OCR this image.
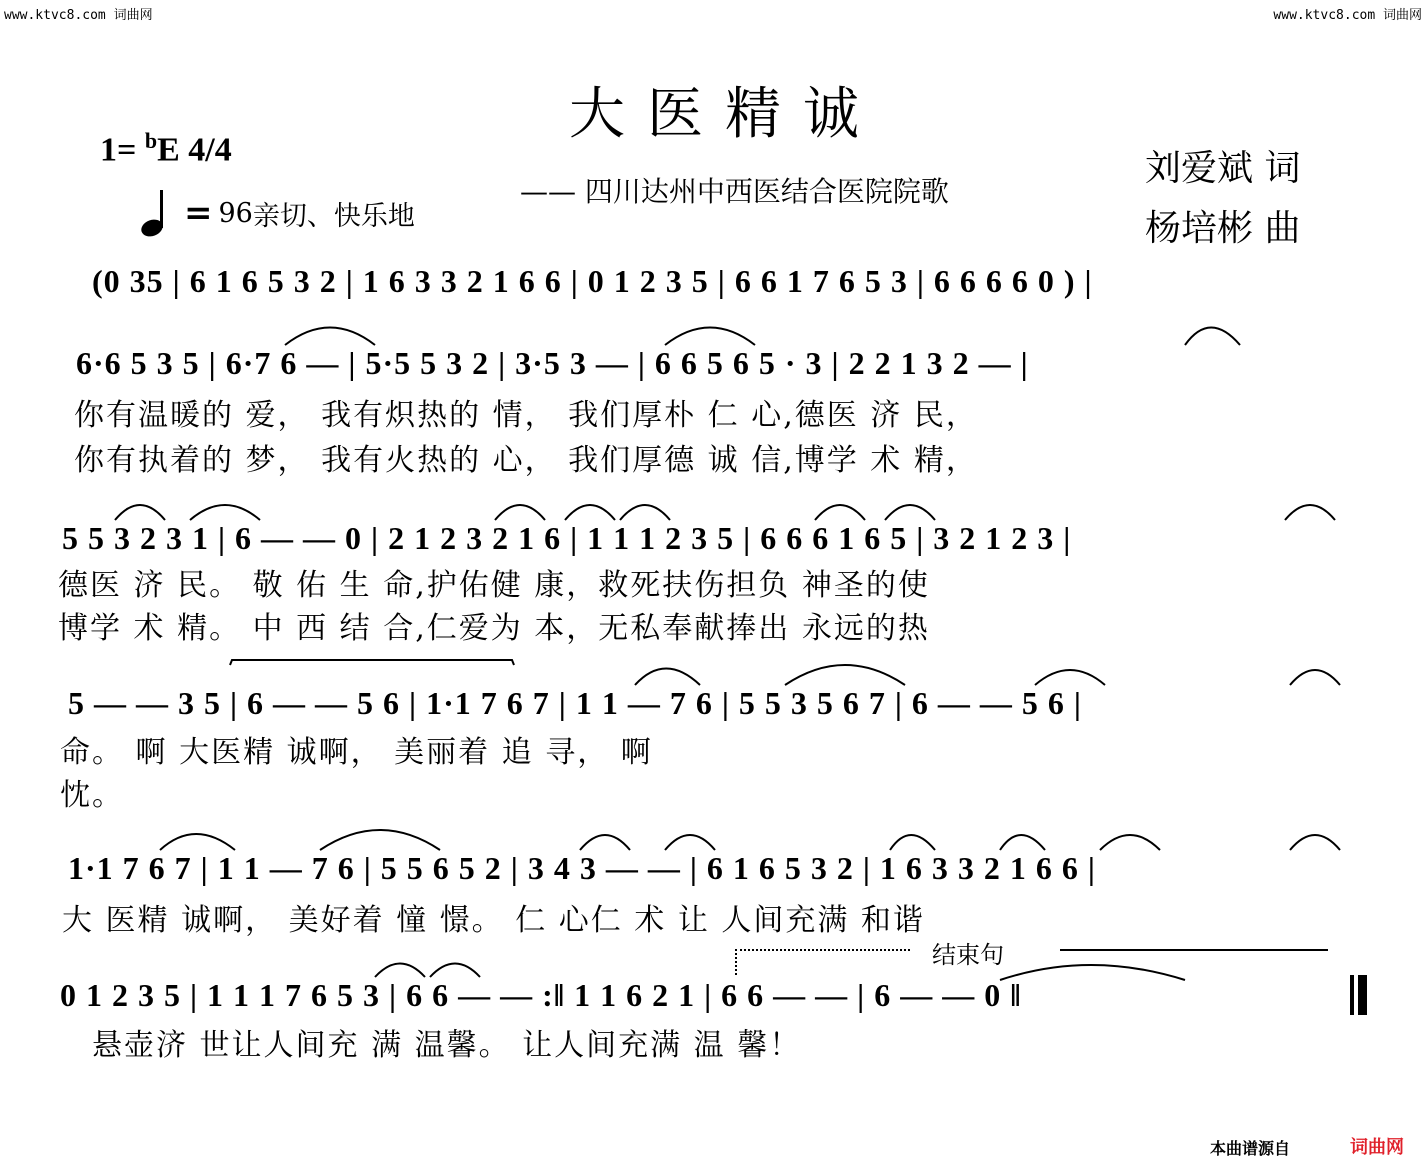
www.ktvc8.com 词曲网	www.ktvc8.com 词曲网
大医精诚
—— 四川达州中西医结合医院院歌
1= $^b$E 4/4
= 96 亲切、快乐地
刘爱斌 词
杨培彬 曲
(0 35 | 6 1 6 5 3 2 | 1 6 3 3 2 1 6 6 | 0 1 2 3 5 | 6 6 1 7 6 5 3 | 6 6 6 6 0 ) |
6·6 5 3 5 | 6·7 6 — | 5·5 5 3 2 | 3·5 3 — | 6 6 5 6 5 · 3 | 2 2 1 3 2 — |
你有温暖的 爱， 我有炽热的 情， 我们厚朴 仁 心,德医 济 民，
你有执着的 梦， 我有火热的 心， 我们厚德 诚 信,博学 术 精，
5 5 3 2 3 1 | 6 — — 0 | 2 1 2 3 2 1 6 | 1 1 1 2 3 5 | 6 6 6 1 6 5 | 3 2 1 2 3 |
德医 济 民。 敬 佑 生 命,护佑健 康，救死扶伤担负 神圣的使
博学 术 精。 中 西 结 合,仁爱为 本，无私奉献捧出 永远的热
5 — — 3 5 | 6 — — 5 6 | 1·1 7 6 7 | 1 1 — 7 6 | 5 5 3 5 6 7 | 6 — — 5 6 |
命。 啊 大医精 诚啊， 美丽着 追 寻， 啊
忱。
1·1 7 6 7 | 1 1 — 7 6 | 5 5 6 5 2 | 3 4 3 — — | 6 1 6 5 3 2 | 1 6 3 3 2 1 6 6 |
大 医精 诚啊， 美好着 憧 憬。 仁 心仁 术 让 人间充满 和谐
结束句
0 1 2 3 5 | 1 1 1 7 6 5 3 | 6 6 — — :‖ 1 1 6 2 1 | 6 6 — — | 6 — — 0 ‖
悬壶济 世让人间充 满 温馨。 让人间充满 温 馨！
本曲谱源自	词曲网
